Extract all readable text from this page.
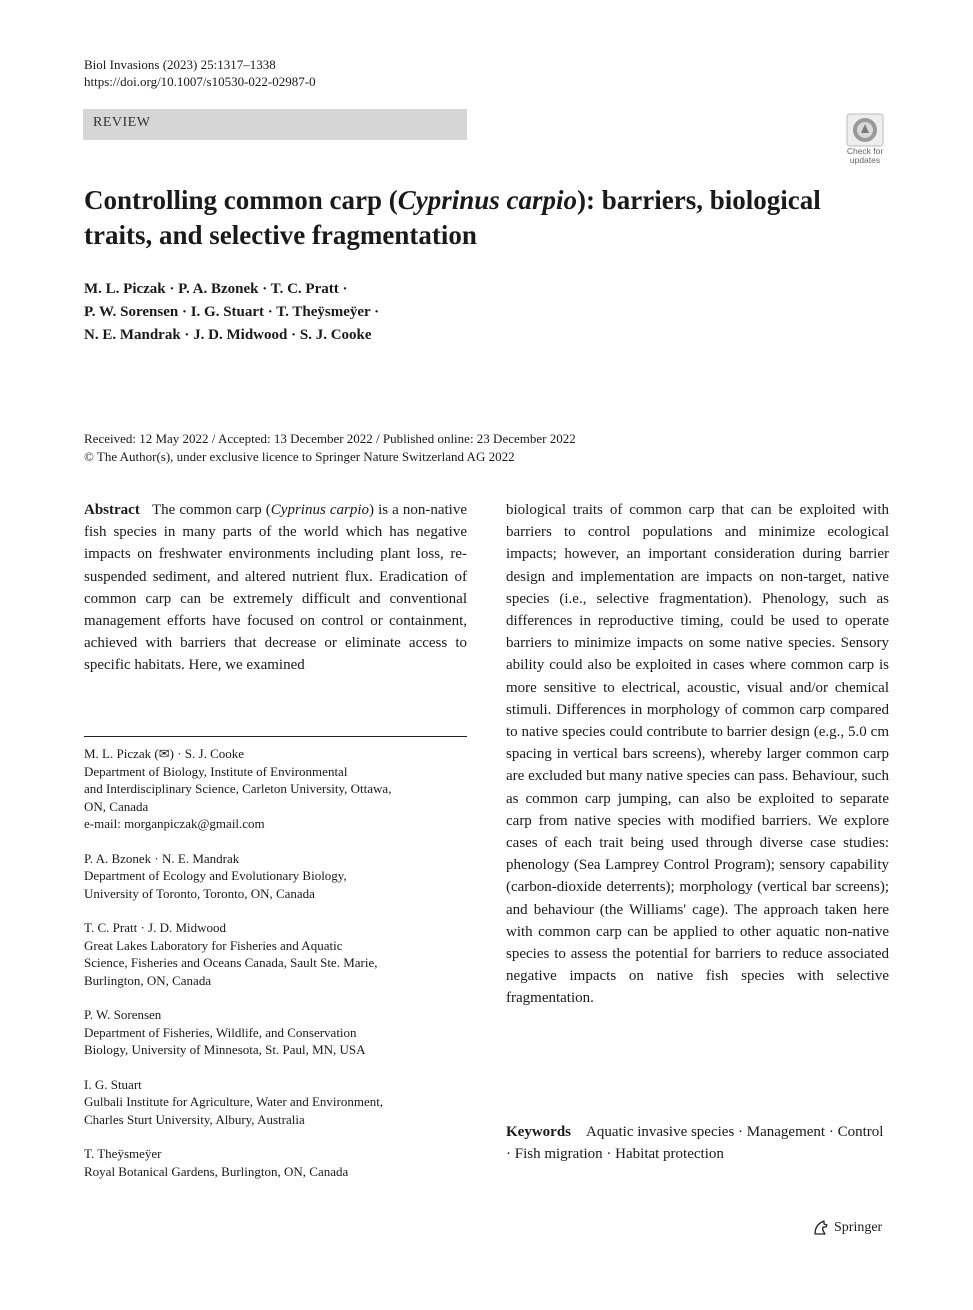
Biol Invasions (2023) 25:1317–1338
https://doi.org/10.1007/s10530-022-02987-0
REVIEW
Check for
updates
Controlling common carp (Cyprinus carpio): barriers, biological traits, and selective fragmentation
M. L. Piczak · P. A. Bzonek · T. C. Pratt ·
P. W. Sorensen · I. G. Stuart · T. Theÿsmeÿer ·
N. E. Mandrak · J. D. Midwood · S. J. Cooke
Received: 12 May 2022 / Accepted: 13 December 2022 / Published online: 23 December 2022
© The Author(s), under exclusive licence to Springer Nature Switzerland AG 2022
Abstract The common carp (Cyprinus carpio) is a non-native fish species in many parts of the world which has negative impacts on freshwater environments including plant loss, re-suspended sediment, and altered nutrient flux. Eradication of common carp can be extremely difficult and conventional management efforts have focused on control or containment, achieved with barriers that decrease or eliminate access to specific habitats. Here, we examined
M. L. Piczak (✉) · S. J. Cooke
Department of Biology, Institute of Environmental
and Interdisciplinary Science, Carleton University, Ottawa,
ON, Canada
e-mail: morganpiczak@gmail.com
P. A. Bzonek · N. E. Mandrak
Department of Ecology and Evolutionary Biology,
University of Toronto, Toronto, ON, Canada
T. C. Pratt · J. D. Midwood
Great Lakes Laboratory for Fisheries and Aquatic
Science, Fisheries and Oceans Canada, Sault Ste. Marie,
Burlington, ON, Canada
P. W. Sorensen
Department of Fisheries, Wildlife, and Conservation
Biology, University of Minnesota, St. Paul, MN, USA
I. G. Stuart
Gulbali Institute for Agriculture, Water and Environment,
Charles Sturt University, Albury, Australia
T. Theÿsmeÿer
Royal Botanical Gardens, Burlington, ON, Canada
biological traits of common carp that can be exploited with barriers to control populations and minimize ecological impacts; however, an important consideration during barrier design and implementation are impacts on non-target, native species (i.e., selective fragmentation). Phenology, such as differences in reproductive timing, could be used to operate barriers to minimize impacts on some native species. Sensory ability could also be exploited in cases where common carp is more sensitive to electrical, acoustic, visual and/or chemical stimuli. Differences in morphology of common carp compared to native species could contribute to barrier design (e.g., 5.0 cm spacing in vertical bars screens), whereby larger common carp are excluded but many native species can pass. Behaviour, such as common carp jumping, can also be exploited to separate carp from native species with modified barriers. We explore cases of each trait being used through diverse case studies: phenology (Sea Lamprey Control Program); sensory capability (carbon-dioxide deterrents); morphology (vertical bar screens); and behaviour (the Williams' cage). The approach taken here with common carp can be applied to other aquatic non-native species to assess the potential for barriers to reduce associated negative impacts on native fish species with selective fragmentation.
Keywords Aquatic invasive species · Management · Control · Fish migration · Habitat protection
Springer
